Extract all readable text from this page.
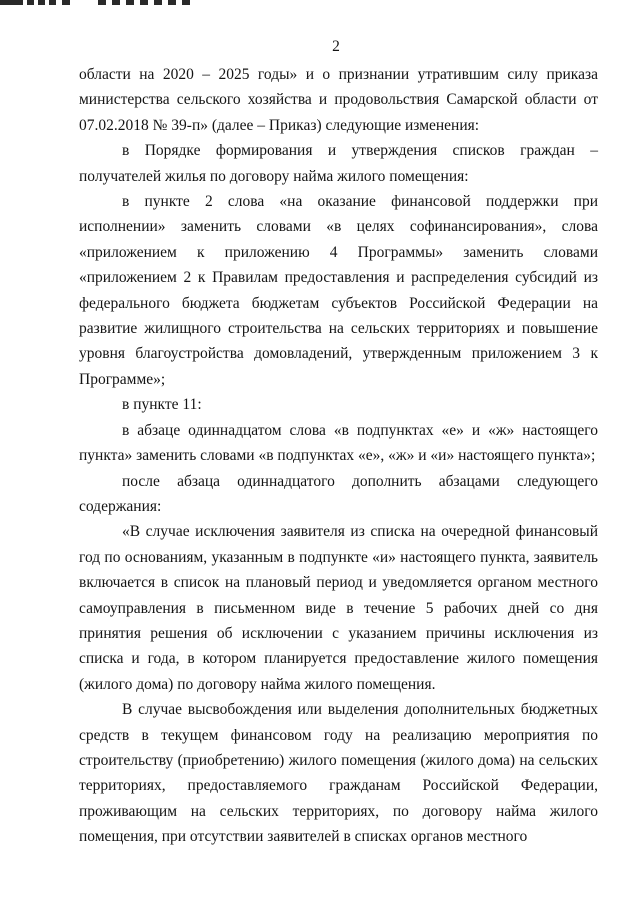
2

области на 2020 – 2025 годы» и о признании утратившим силу приказа министерства сельского хозяйства и продовольствия Самарской области от 07.02.2018 № 39-п» (далее – Приказ) следующие изменения:

в Порядке формирования и утверждения списков граждан – получателей жилья по договору найма жилого помещения:

в пункте 2 слова «на оказание финансовой поддержки при исполнении» заменить словами «в целях софинансирования», слова «приложением к приложению 4 Программы» заменить словами «приложением 2 к Правилам предоставления и распределения субсидий из федерального бюджета бюджетам субъектов Российской Федерации на развитие жилищного строительства на сельских территориях и повышение уровня благоустройства домовладений, утвержденным приложением 3 к Программе»;

в пункте 11:

в абзаце одиннадцатом слова «в подпунктах «е» и «ж» настоящего пункта» заменить словами «в подпунктах «е», «ж» и «и» настоящего пункта»;

после абзаца одиннадцатого дополнить абзацами следующего содержания:

«В случае исключения заявителя из списка на очередной финансовый год по основаниям, указанным в подпункте «и» настоящего пункта, заявитель включается в список на плановый период и уведомляется органом местного самоуправления в письменном виде в течение 5 рабочих дней со дня принятия решения об исключении с указанием причины исключения из списка и года, в котором планируется предоставление жилого помещения (жилого дома) по договору найма жилого помещения.

В случае высвобождения или выделения дополнительных бюджетных средств в текущем финансовом году на реализацию мероприятия по строительству (приобретению) жилого помещения (жилого дома) на сельских территориях, предоставляемого гражданам Российской Федерации, проживающим на сельских территориях, по договору найма жилого помещения, при отсутствии заявителей в списках органов местного
